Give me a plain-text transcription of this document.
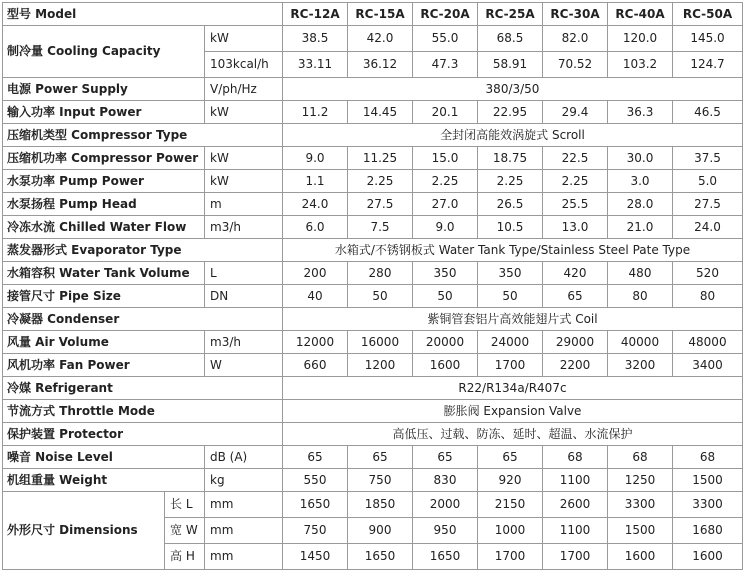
型号 Model			RC-12A	RC-15A	RC-20A	RC-25A	RC-30A	RC-40A	RC-50A
制冷量 Cooling Capacity		kW	38.5	42.0	55.0	68.5	82.0	120.0	145.0
		103kcal/h	33.11	36.12	47.3	58.91	70.52	103.2	124.7
电源 Power Supply		V/ph/Hz	380/3/50						
输入功率 Input Power		kW	11.2	14.45	20.1	22.95	29.4	36.3	46.5
压缩机类型 Compressor Type			全封闭高能效涡旋式 Scroll						
压缩机功率 Compressor Power		kW	9.0	11.25	15.0	18.75	22.5	30.0	37.5
水泵功率 Pump Power		kW	1.1	2.25	2.25	2.25	2.25	3.0	5.0
水泵扬程 Pump Head		m	24.0	27.5	27.0	26.5	25.5	28.0	27.5
冷冻水流 Chilled Water Flow		m3/h	6.0	7.5	9.0	10.5	13.0	21.0	24.0
蒸发器形式 Evaporator Type			水箱式/不锈钢板式 Water Tank Type/Stainless Steel Pate Type						
水箱容积 Water Tank Volume		L	200	280	350	350	420	480	520
接管尺寸 Pipe Size		DN	40	50	50	50	65	80	80
冷凝器 Condenser			紫铜管套铝片高效能翅片式 Coil						
风量 Air Volume		m3/h	12000	16000	20000	24000	29000	40000	48000
风机功率 Fan Power		W	660	1200	1600	1700	2200	3200	3400
冷媒 Refrigerant			R22/R134a/R407c						
节流方式 Throttle Mode			膨胀阀 Expansion Valve						
保护装置 Protector			高低压、过载、防冻、延时、超温、水流保护						
噪音 Noise Level		dB (A)	65	65	65	65	68	68	68
机组重量 Weight		kg	550	750	830	920	1100	1250	1500
外形尺寸 Dimensions	长 L	mm	1650	1850	2000	2150	2600	3300	3300
	宽 W	mm	750	900	950	1000	1100	1500	1680
	高 H	mm	1450	1650	1650	1700	1700	1600	1600
